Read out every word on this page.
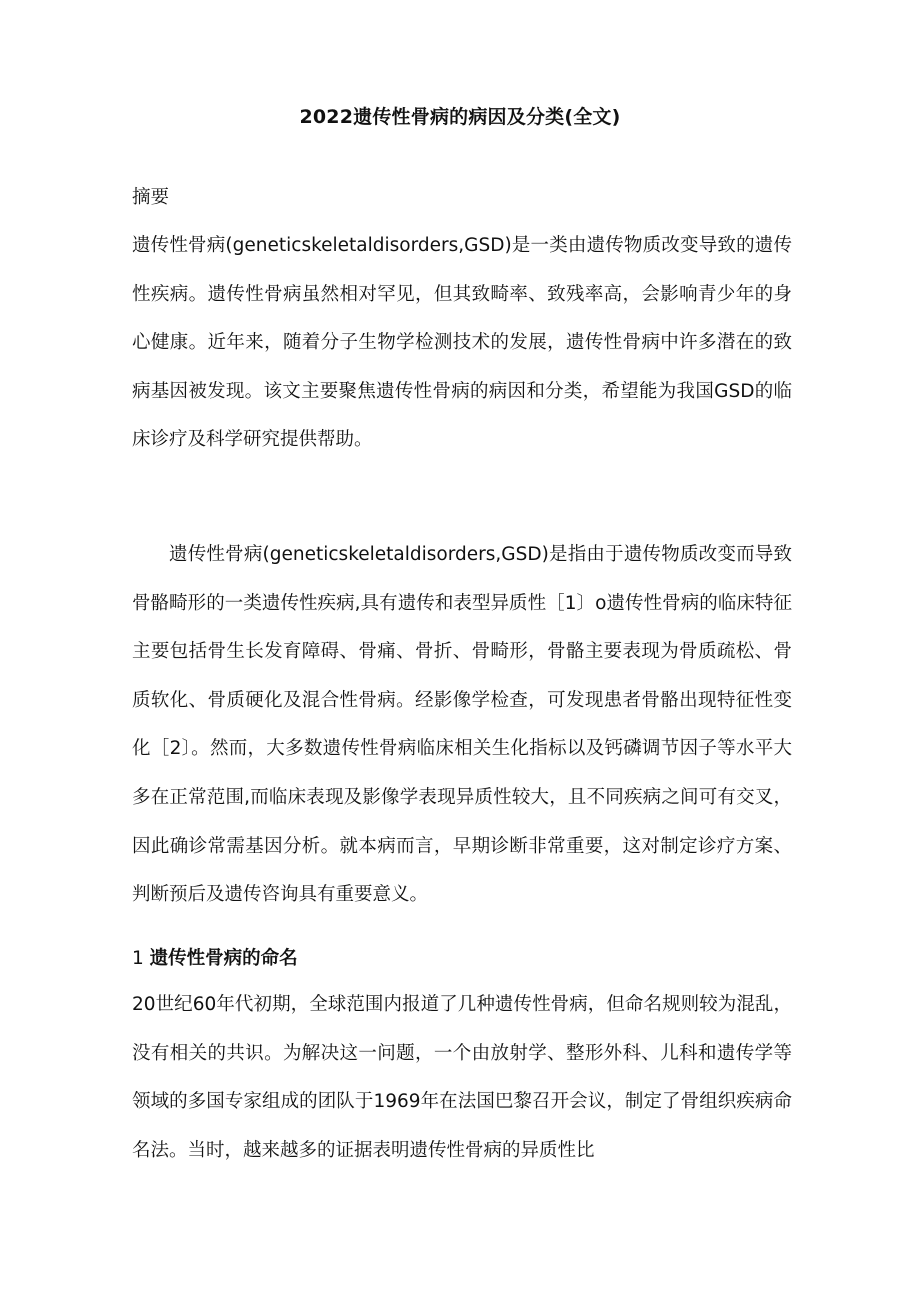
2022遗传性骨病的病因及分类(全文)
摘要
遗传性骨病(geneticskeletaldisorders,GSD)是一类由遗传物质改变导致的遗传性疾病。遗传性骨病虽然相对罕见，但其致畸率、致残率高，会影响青少年的身心健康。近年来，随着分子生物学检测技术的发展，遗传性骨病中许多潜在的致病基因被发现。该文主要聚焦遗传性骨病的病因和分类，希望能为我国GSD的临床诊疗及科学研究提供帮助。
遗传性骨病(geneticskeletaldisorders,GSD)是指由于遗传物质改变而导致骨骼畸形的一类遗传性疾病,具有遗传和表型异质性［1〕o遗传性骨病的临床特征主要包括骨生长发育障碍、骨痛、骨折、骨畸形，骨骼主要表现为骨质疏松、骨质软化、骨质硬化及混合性骨病。经影像学检查，可发现患者骨骼出现特征性变化［2〕。然而，大多数遗传性骨病临床相关生化指标以及钙磷调节因子等水平大多在正常范围,而临床表现及影像学表现异质性较大，且不同疾病之间可有交叉，因此确诊常需基因分析。就本病而言，早期诊断非常重要，这对制定诊疗方案、判断预后及遗传咨询具有重要意义。
1 遗传性骨病的命名
20世纪60年代初期，全球范围内报道了几种遗传性骨病，但命名规则较为混乱，没有相关的共识。为解决这一问题，一个由放射学、整形外科、儿科和遗传学等领域的多国专家组成的团队于1969年在法国巴黎召开会议，制定了骨组织疾病命名法。当时，越来越多的证据表明遗传性骨病的异质性比
